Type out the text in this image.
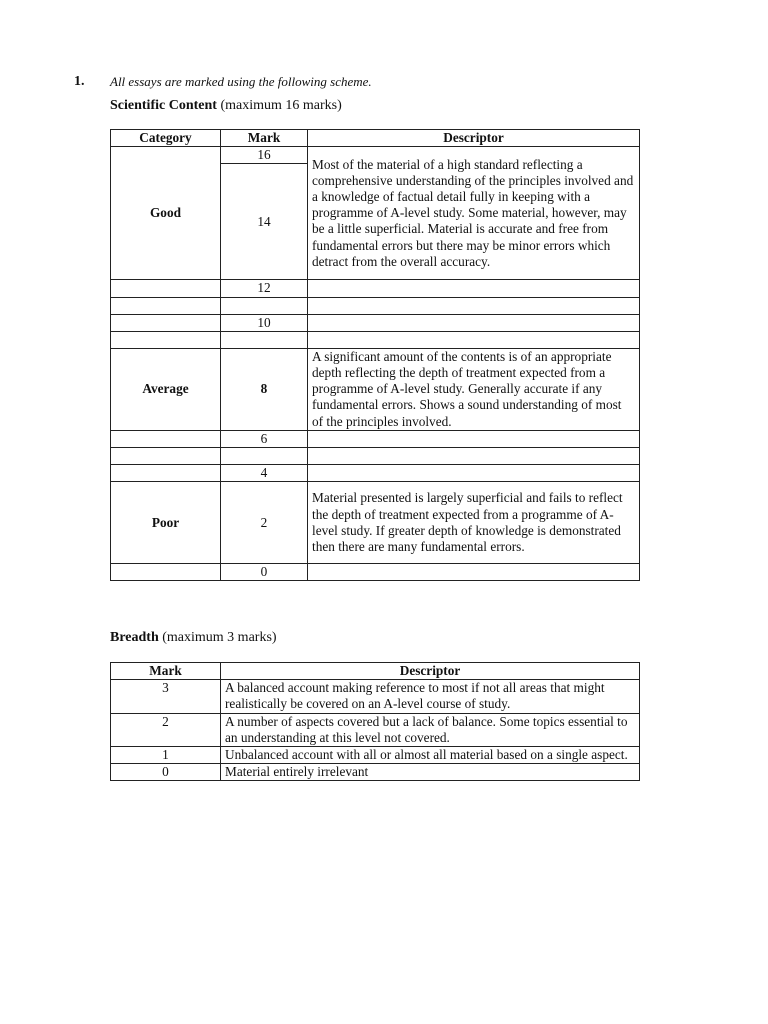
1. All essays are marked using the following scheme.
Scientific Content (maximum 16 marks)
Category	Mark	Descriptor
Good	16	Most of the material of a high standard reflecting a comprehensive understanding of the principles involved and a knowledge of factual detail fully in keeping with a programme of A-level study. Some material, however, may be a little superficial. Material is accurate and free from fundamental errors but there may be minor errors which detract from the overall accuracy.
	14	
	12	

	10	

Average	8	A significant amount of the contents is of an appropriate depth reflecting the depth of treatment expected from a programme of A-level study. Generally accurate if any fundamental errors. Shows a sound understanding of most of the principles involved.
	6	

	4	
Poor	2	Material presented is largely superficial and fails to reflect the depth of treatment expected from a programme of A- level study. If greater depth of knowledge is demonstrated then there are many fundamental errors.
	0	
Breadth (maximum 3 marks)
Mark	Descriptor
3	A balanced account making reference to most if not all areas that might realistically be covered on an A-level course of study.
2	A number of aspects covered but a lack of balance. Some topics essential to an understanding at this level not covered.
1	Unbalanced account with all or almost all material based on a single aspect.
0	Material entirely irrelevant
